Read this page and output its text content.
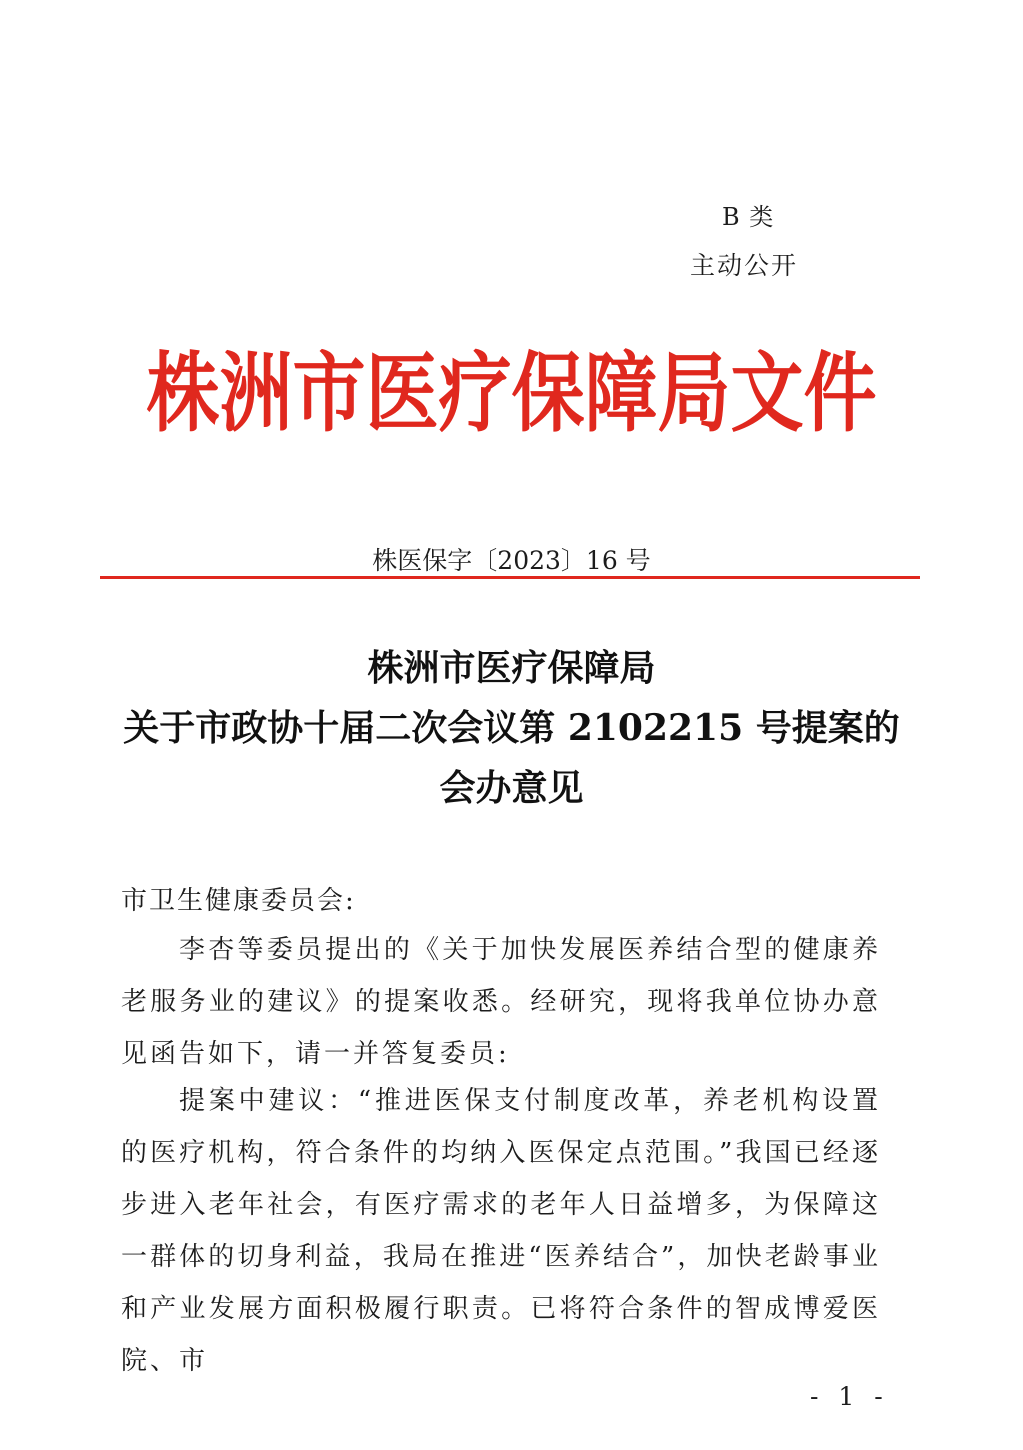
B 类
主动公开
株洲市医疗保障局文件
株医保字〔2023〕16 号
株洲市医疗保障局
关于市政协十届二次会议第 2102215 号提案的
会办意见
市卫生健康委员会:

李杏等委员提出的《关于加快发展医养结合型的健康养老服务业的建议》的提案收悉。经研究，现将我单位协办意见函告如下，请一并答复委员:

提案中建议：“推进医保支付制度改革，养老机构设置的医疗机构，符合条件的均纳入医保定点范围。”我国已经逐步进入老年社会，有医疗需求的老年人日益增多，为保障这一群体的切身利益，我局在推进“医养结合”，加快老龄事业和产业发展方面积极履行职责。已将符合条件的智成博爱医院、市

- 1 -
